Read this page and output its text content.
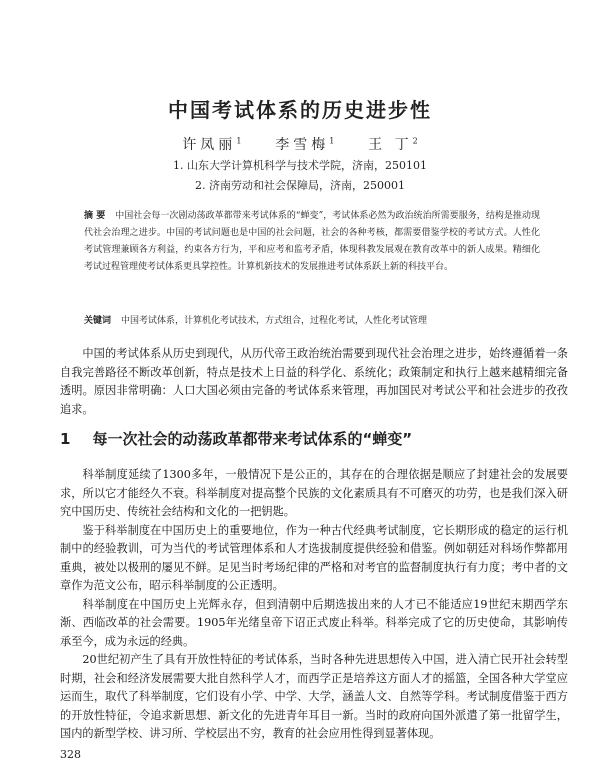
中国考试体系的历史进步性
许凤丽$^1$ 李雪梅$^1$ 王 丁$^2$
1. 山东大学计算机科学与技术学院，济南，250101
2. 济南劳动和社会保障局，济南，250001
摘 要 中国社会每一次剧动荡政革都带来考试体系的“蝉变”，考试体系必然为政治统治所需要服务，结构是推动现代社会治理之进步。中国的考试问题也是中国的社会问题，社会的各种考核，都需要借鉴学校的考试方式。人性化考试管理兼顾各方利益，约束各方行为，平和应考和监考矛盾，体现科教发展观在教育改革中的新人成果。精细化考试过程管理使考试体系更具掌控性。计算机新技术的发展推进考试体系跃上新的科技平台。
关键词 中国考试体系，计算机化考试技术，方式组合，过程化考试，人性化考试管理
中国的考试体系从历史到现代，从历代帝王政治统治需要到现代社会治理之进步，始终遵循着一条自我完善路径不断改革创新，特点是技术上日益的科学化、系统化；政策制定和执行上越来越精细完备透明。原因非常明确：人口大国必须由完备的考试体系来管理，再加国民对考试公平和社会进步的孜孜追求。
1 每一次社会的动荡政革都带来考试体系的“蝉变”

科举制度延续了1300多年，一般情况下是公正的，其存在的合理依据是顺应了封建社会的发展要求，所以它才能经久不衰。科举制度对提高整个民族的文化素质具有不可磨灭的功劳，也是我们深入研究中国历史、传统社会结构和文化的一把钥匙。

鉴于科举制度在中国历史上的重要地位，作为一种古代经典考试制度，它长期形成的稳定的运行机制中的经验教训，可为当代的考试管理体系和人才选拔制度提供经验和借鉴。例如朝廷对科场作弊都用重典，被处以极刑的屡见不鲜。足见当时考场纪律的严格和对考官的监督制度执行有力度；考中者的文章作为范文公布，昭示科举制度的公正透明。

科举制度在中国历史上光辉永存，但到清朝中后期选拔出来的人才已不能适应19世纪末期西学东渐、西临改革的社会需要。1905年光绪皇帝下诏正式废止科举。科举完成了它的历史使命，其影响传承至今，成为永远的经典。

20世纪初产生了具有开放性特征的考试体系，当时各种先进思想传入中国，进入清亡民开社会转型时期，社会和经济发展需要大批自然科学人才，而西学正是培养这方面人才的摇篮，全国各种大学堂应运而生，取代了科举制度，它们设有小学、中学、大学，涵盖人文、自然等学科。考试制度借鉴于西方的开放性特征，令追求新思想、新文化的先进青年耳目一新。当时的政府向国外派遣了第一批留学生，国内的新型学校、讲习所、学校层出不穷，教育的社会应用性得到显著体现。

328
